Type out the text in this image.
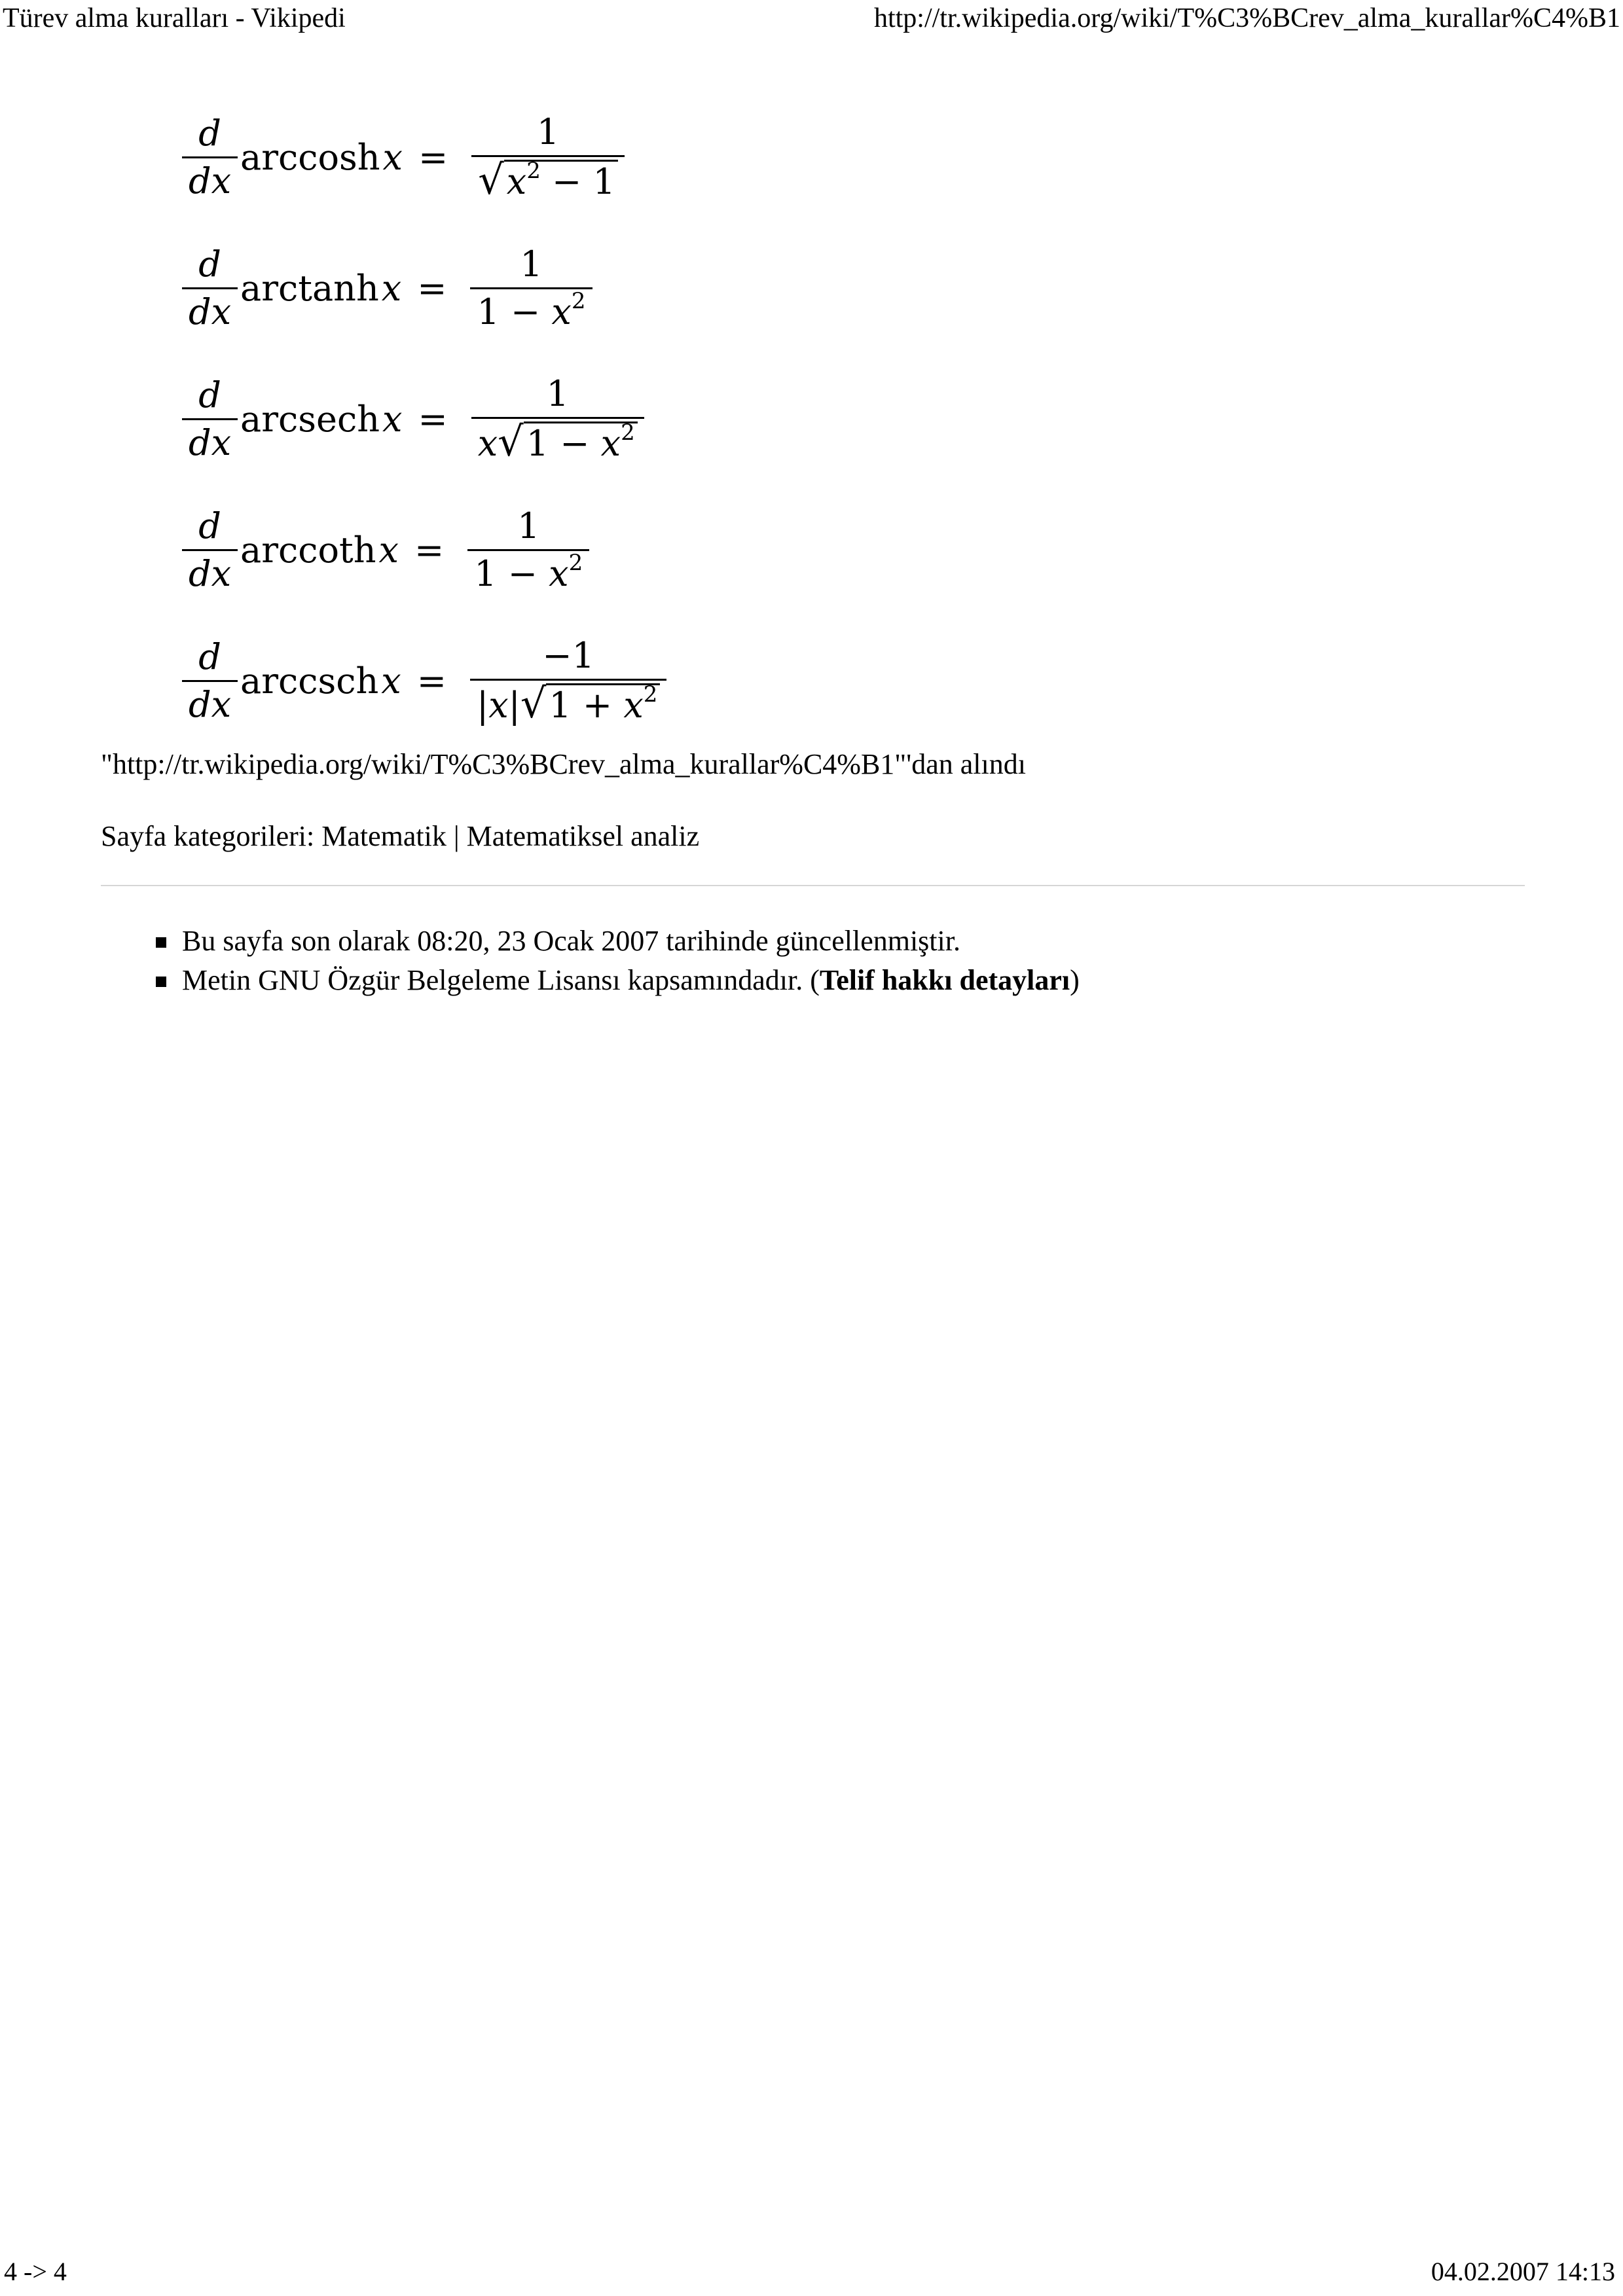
Türev alma kuralları - Vikipedi	http://tr.wikipedia.org/wiki/T%C3%BCrev_alma_kurallar%C4%B1
$\frac{d}{dx}$ arccosh $x = \frac{1}{√ x^2 - 1}$
$\frac{d}{dx}$ arctanh $x = \frac{1}{1 - x^2}$
$\frac{d}{dx}$ arcsech $x = \frac{1}{x √ 1 - x^2}$
$\frac{d}{dx}$ arccoth $x = \frac{1}{1 - x^2}$
$\frac{d}{dx}$ arccsch $x = \frac{-1}{|x| √ 1 + x^2}$
"http://tr.wikipedia.org/wiki/T%C3%BCrev_alma_kurallar%C4%B1"'dan alındı
Sayfa kategorileri: Matematik | Matematiksel analiz
Bu sayfa son olarak 08:20, 23 Ocak 2007 tarihinde güncellenmiştir.
Metin GNU Özgür Belgeleme Lisansı kapsamındadır. (Telif hakkı detayları)
4 -> 4	04.02.2007 14:13
